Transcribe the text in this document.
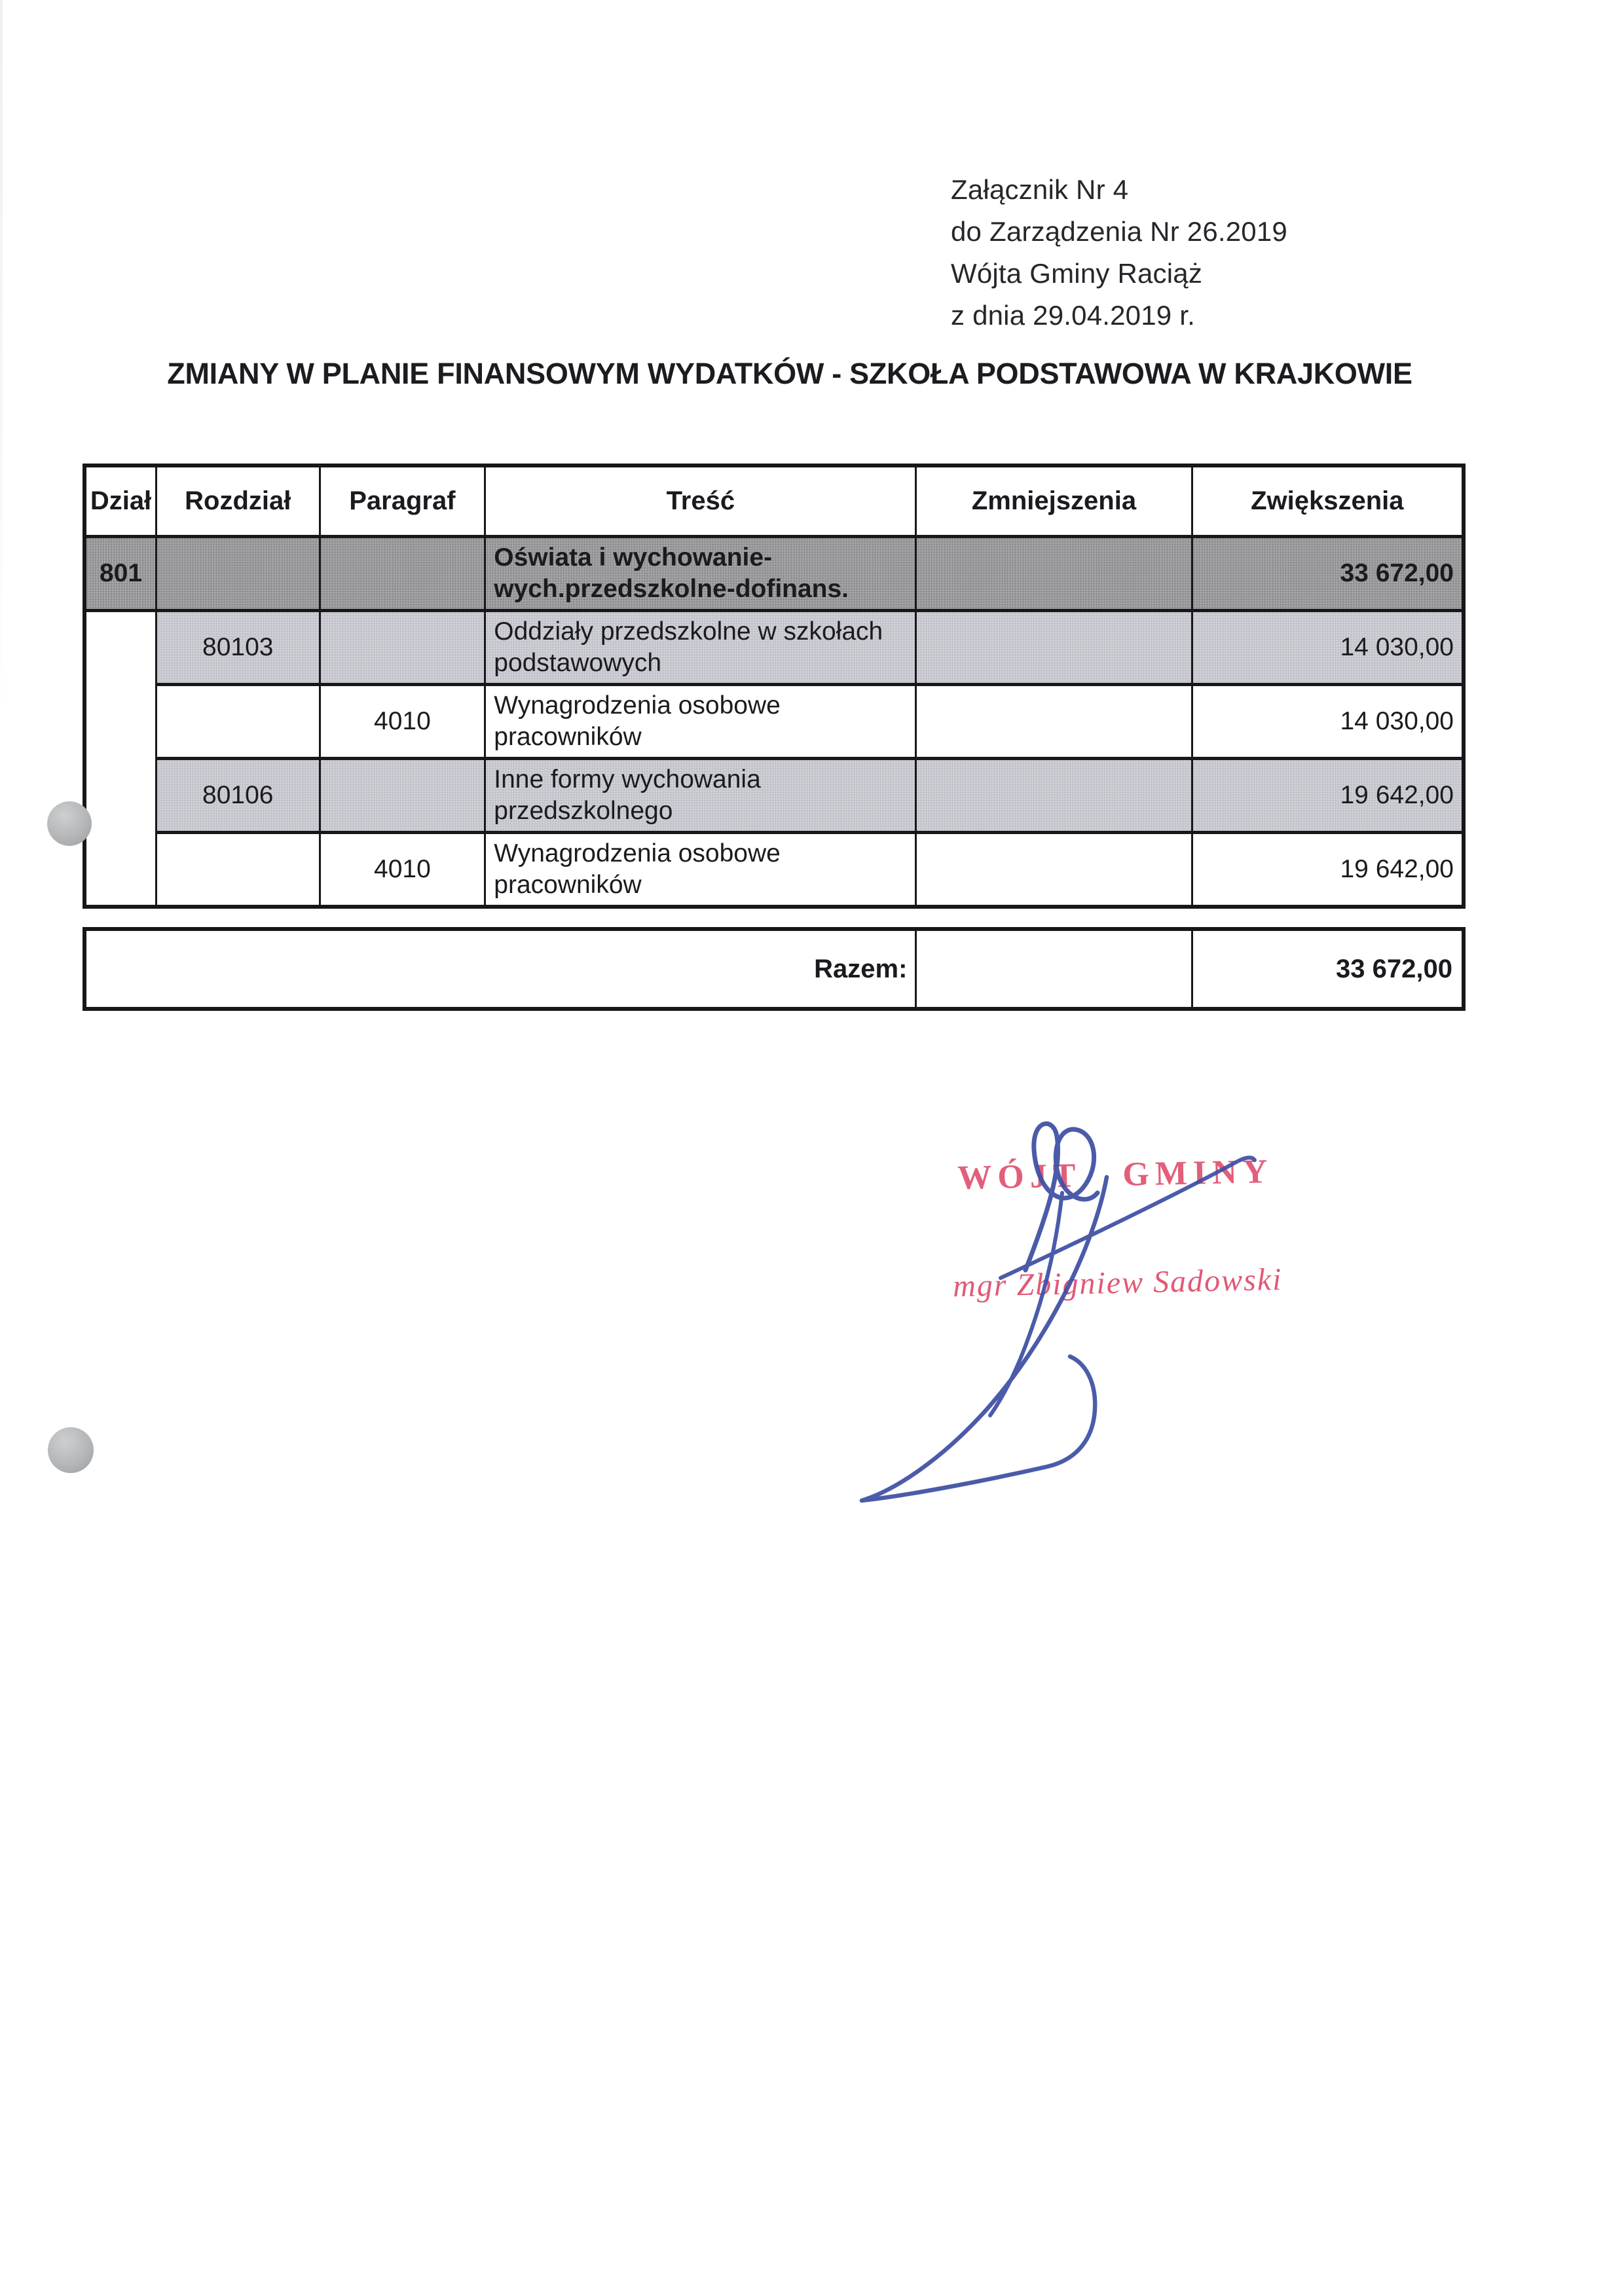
Załącznik Nr 4
do Zarządzenia Nr 26.2019
Wójta Gminy Raciąż
z dnia 29.04.2019 r.
ZMIANY W PLANIE FINANSOWYM WYDATKÓW - SZKOŁA PODSTAWOWA W KRAJKOWIE
Dział	Rozdział	Paragraf	Treść	Zmniejszenia	Zwiększenia
801			Oświata i wychowanie- wych.przedszkolne-dofinans.		33 672,00
	80103		Oddziały przedszkolne w szkołach podstawowych		14 030,00
		4010	Wynagrodzenia osobowe pracowników		14 030,00
	80106		Inne formy wychowania przedszkolnego		19 642,00
		4010	Wynagrodzenia osobowe pracowników		19 642,00
Razem:		33 672,00
WÓJT GMINY
mgr Zbigniew Sadowski
